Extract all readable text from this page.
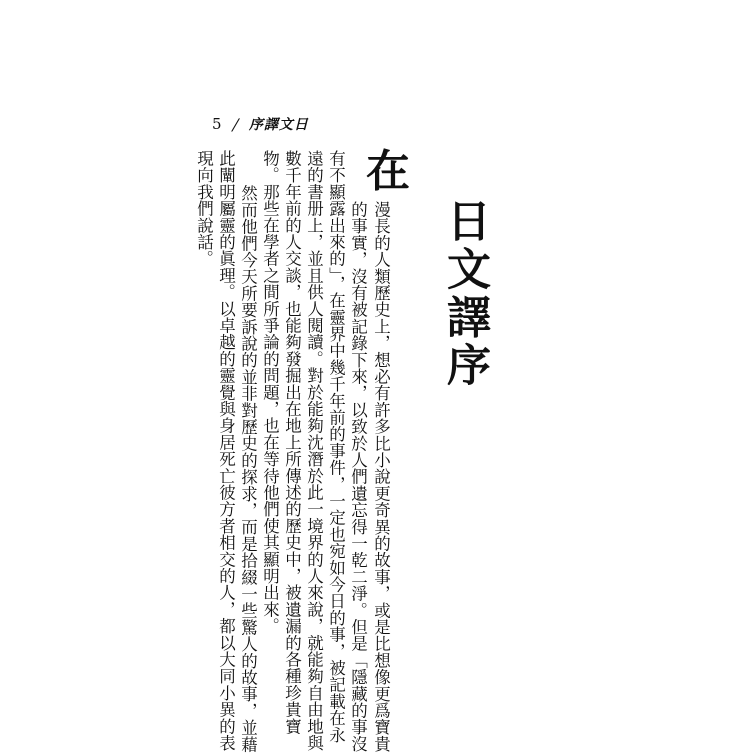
5 / 序譯文日
日文譯序
在
漫長的人類歷史上，想必有許多比小說更奇異的故事，或是比想像更爲寶貴
的事實，沒有被記錄下來，以致於人們遺忘得一乾二淨。但是「隱藏的事沒
有不顯露出來的」，在靈界中幾千年前的事件，一定也宛如今日的事，被記載在永
遠的書册上，並且供人閱讀。對於能夠沈潛於此一境界的人來說，就能夠自由地與
數千年前的人交談，也能夠發掘出在地上所傳述的歷史中，被遺漏的各種珍貴寶
物。那些在學者之間所爭論的問題，也在等待他們使其顯明出來。
　然而他們今天所要訴說的並非對歷史的探求，而是拾綴一些驚人的故事，並藉
此闡明屬靈的眞理。以卓越的靈覺與身居死亡彼方者相交的人，都以大同小異的表
現向我們說話。
